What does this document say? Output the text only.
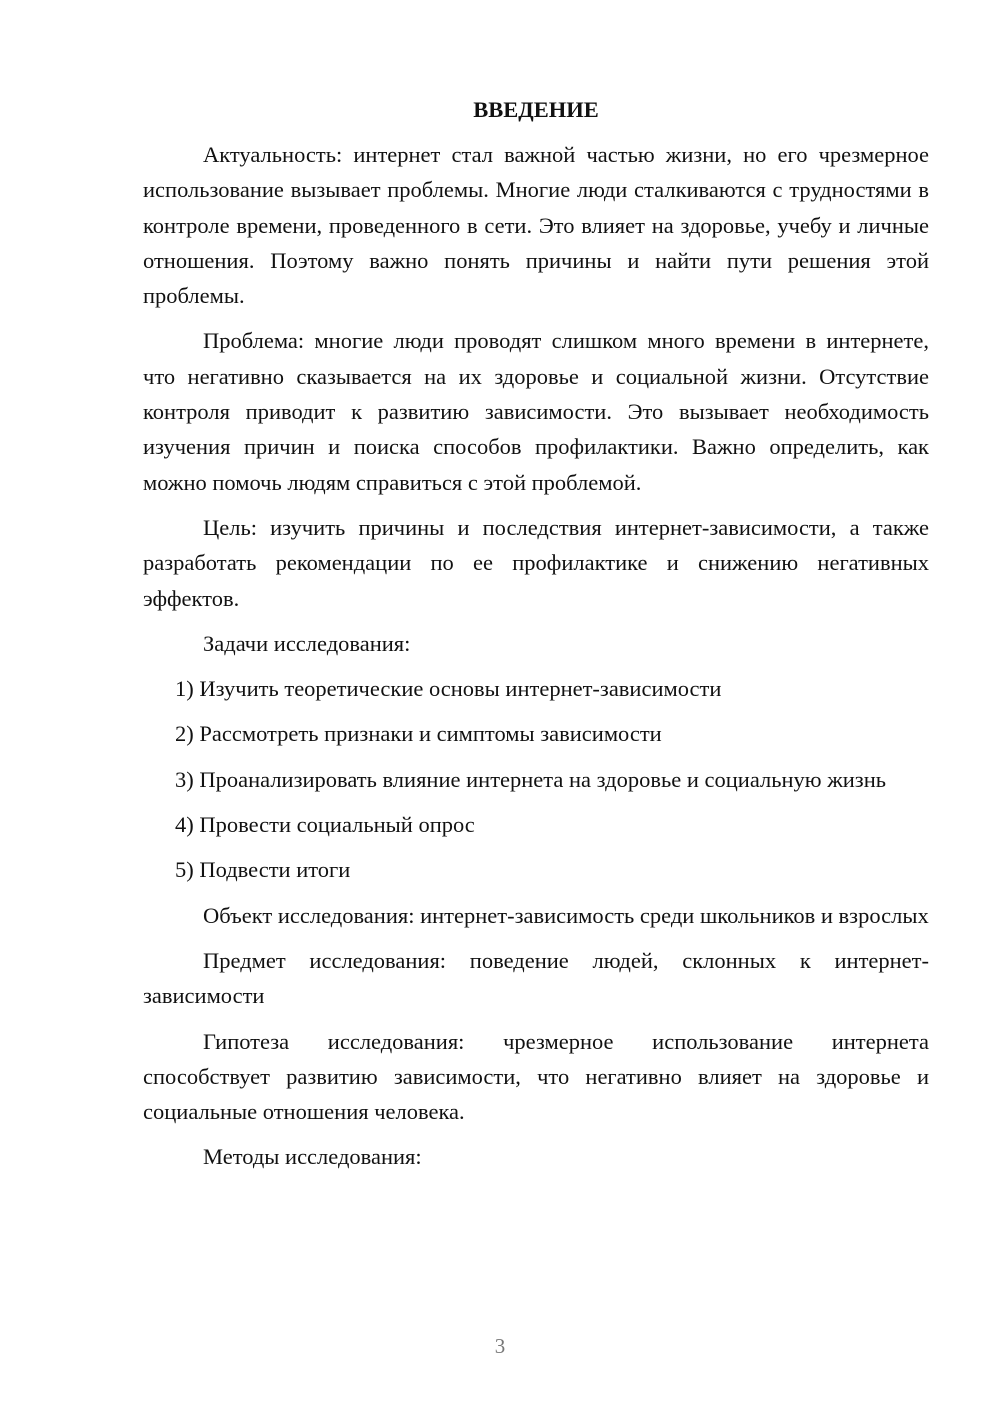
ВВЕДЕНИЕ

Актуальность: интернет стал важной частью жизни, но его чрезмерное использование вызывает проблемы. Многие люди сталкиваются с трудностями в контроле времени, проведенного в сети. Это влияет на здоровье, учебу и личные отношения. Поэтому важно понять причины и найти пути решения этой проблемы.

Проблема: многие люди проводят слишком много времени в интернете, что негативно сказывается на их здоровье и социальной жизни. Отсутствие контроля приводит к развитию зависимости. Это вызывает необходимость изучения причин и поиска способов профилактики. Важно определить, как можно помочь людям справиться с этой проблемой.

Цель: изучить причины и последствия интернет-зависимости, а также разработать рекомендации по ее профилактике и снижению негативных эффектов.

Задачи исследования:

1) Изучить теоретические основы интернет-зависимости

2) Рассмотреть признаки и симптомы зависимости

3) Проанализировать влияние интернета на здоровье и социальную жизнь

4) Провести социальный опрос

5) Подвести итоги

Объект исследования: интернет-зависимость среди школьников и взрослых

Предмет исследования: поведение людей, склонных к интернет-зависимости

Гипотеза исследования: чрезмерное использование интернета способствует развитию зависимости, что негативно влияет на здоровье и социальные отношения человека.

Методы исследования:

3
